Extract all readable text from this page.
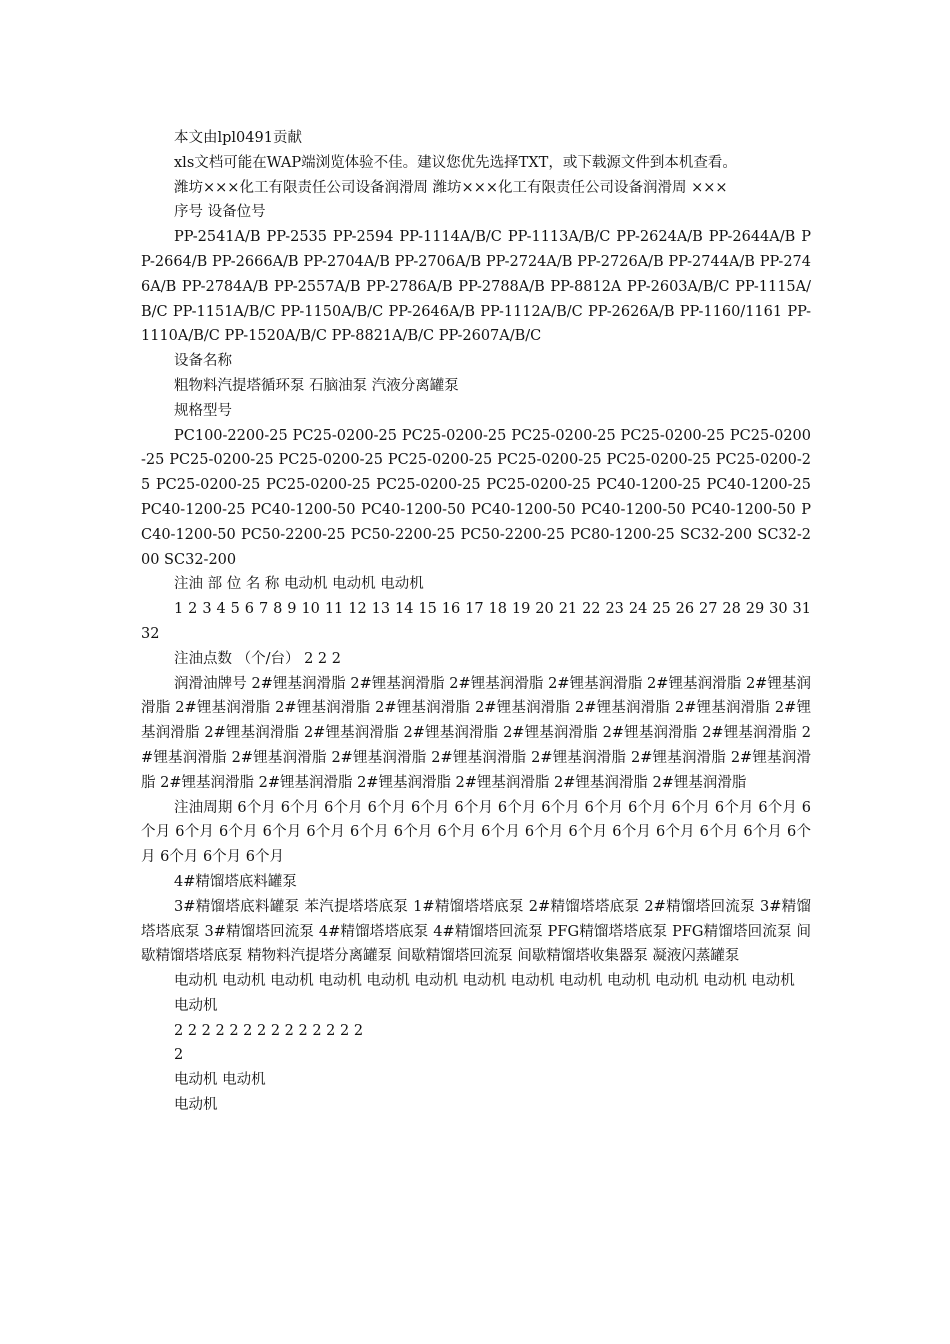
本文由lpl0491贡献

xls文档可能在WAP端浏览体验不佳。建议您优先选择TXT，或下载源文件到本机查看。

潍坊×××化工有限责任公司设备润滑周 潍坊×××化工有限责任公司设备润滑周 ×××

序号 设备位号

PP-2541A/B PP-2535 PP-2594 PP-1114A/B/C PP-1113A/B/C PP-2624A/B PP-2644A/B PP-2664/B PP-2666A/B PP-2704A/B PP-2706A/B PP-2724A/B PP-2726A/B PP-2744A/B PP-2746A/B PP-2784A/B PP-2557A/B PP-2786A/B PP-2788A/B PP-8812A PP-2603A/B/C PP-1115A/B/C PP-1151A/B/C PP-1150A/B/C PP-2646A/B PP-1112A/B/C PP-2626A/B PP-1160/1161 PP-1110A/B/C PP-1520A/B/C PP-8821A/B/C PP-2607A/B/C

设备名称

粗物料汽提塔循环泵 石脑油泵 汽液分离罐泵

规格型号

PC100-2200-25 PC25-0200-25 PC25-0200-25 PC25-0200-25 PC25-0200-25 PC25-0200-25 PC25-0200-25 PC25-0200-25 PC25-0200-25 PC25-0200-25 PC25-0200-25 PC25-0200-25 PC25-0200-25 PC25-0200-25 PC25-0200-25 PC25-0200-25 PC40-1200-25 PC40-1200-25 PC40-1200-25 PC40-1200-50 PC40-1200-50 PC40-1200-50 PC40-1200-50 PC40-1200-50 PC40-1200-50 PC50-2200-25 PC50-2200-25 PC50-2200-25 PC80-1200-25 SC32-200 SC32-200 SC32-200

注油 部 位 名 称 电动机 电动机 电动机

1 2 3 4 5 6 7 8 9 10 11 12 13 14 15 16 17 18 19 20 21 22 23 24 25 26 27 28 29 30 31 32

注油点数 （个/台） 2 2 2

润滑油牌号 2#锂基润滑脂 2#锂基润滑脂 2#锂基润滑脂 2#锂基润滑脂 2#锂基润滑脂 2#锂基润滑脂 2#锂基润滑脂 2#锂基润滑脂 2#锂基润滑脂 2#锂基润滑脂 2#锂基润滑脂 2#锂基润滑脂 2#锂基润滑脂 2#锂基润滑脂 2#锂基润滑脂 2#锂基润滑脂 2#锂基润滑脂 2#锂基润滑脂 2#锂基润滑脂 2#锂基润滑脂 2#锂基润滑脂 2#锂基润滑脂 2#锂基润滑脂 2#锂基润滑脂 2#锂基润滑脂 2#锂基润滑脂 2#锂基润滑脂 2#锂基润滑脂 2#锂基润滑脂 2#锂基润滑脂 2#锂基润滑脂 2#锂基润滑脂

注油周期 6个月 6个月 6个月 6个月 6个月 6个月 6个月 6个月 6个月 6个月 6个月 6个月 6个月 6个月 6个月 6个月 6个月 6个月 6个月 6个月 6个月 6个月 6个月 6个月 6个月 6个月 6个月 6个月 6个月 6个月 6个月 6个月

4#精馏塔底料罐泵

3#精馏塔底料罐泵 苯汽提塔塔底泵 1#精馏塔塔底泵 2#精馏塔塔底泵 2#精馏塔回流泵 3#精馏塔塔底泵 3#精馏塔回流泵 4#精馏塔塔底泵 4#精馏塔回流泵 PFG精馏塔塔底泵 PFG精馏塔回流泵 间歇精馏塔塔底泵 精物料汽提塔分离罐泵 间歇精馏塔回流泵 间歇精馏塔收集器泵 凝液闪蒸罐泵

电动机 电动机 电动机 电动机 电动机 电动机 电动机 电动机 电动机 电动机 电动机 电动机 电动机

电动机

2 2 2 2 2 2 2 2 2 2 2 2 2 2

2

电动机 电动机

电动机
